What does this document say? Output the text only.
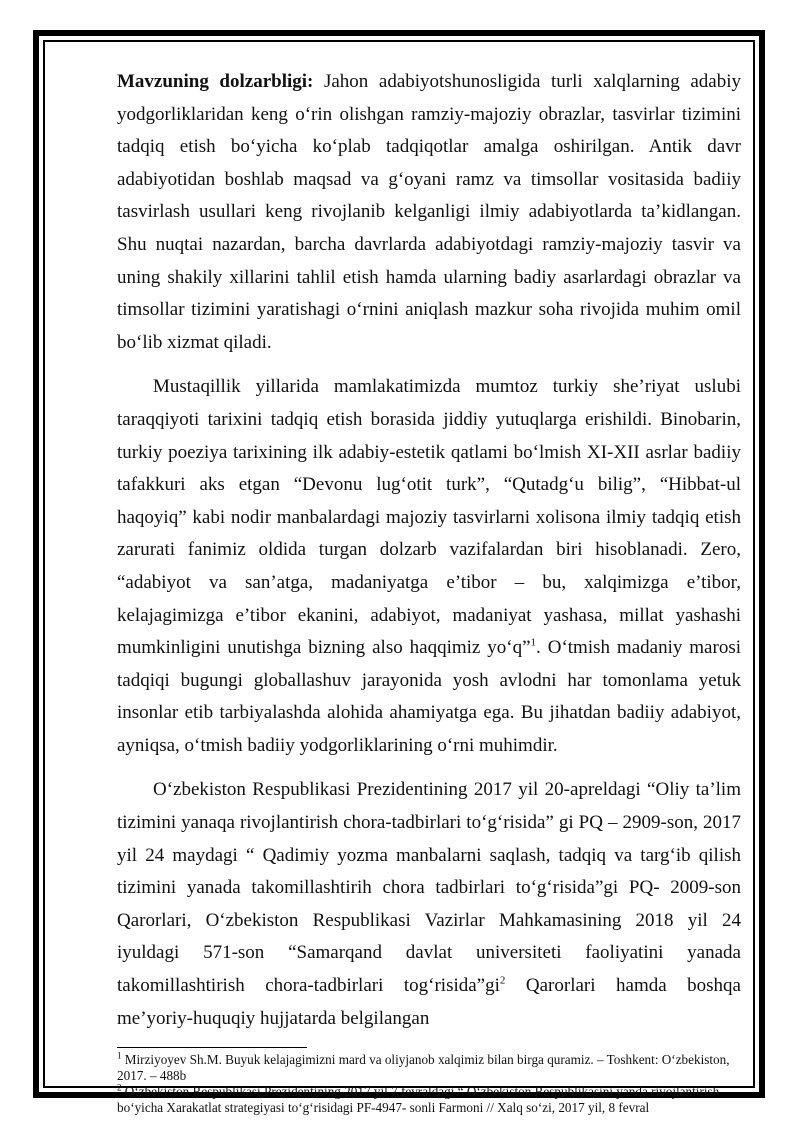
Mavzuning dolzarbligi: Jahon adabiyotshunosligida turli xalqlarning adabiy yodgorliklaridan keng o‘rin olishgan ramziy-majoziy obrazlar, tasvirlar tizimini tadqiq etish bo‘yicha ko‘plab tadqiqotlar amalga oshirilgan. Antik davr adabiyotidan boshlab maqsad va g‘oyani ramz va timsollar vositasida badiiy tasvirlash usullari keng rivojlanib kelganligi ilmiy adabiyotlarda ta’kidlangan. Shu nuqtai nazardan, barcha davrlarda adabiyotdagi ramziy-majoziy tasvir va uning shakily xillarini tahlil etish hamda ularning badiy asarlardagi obrazlar va timsollar tizimini yaratishagi o‘rnini aniqlash mazkur soha rivojida muhim omil bo‘lib xizmat qiladi.

Mustaqillik yillarida mamlakatimizda mumtoz turkiy she’riyat uslubi taraqqiyoti tarixini tadqiq etish borasida jiddiy yutuqlarga erishildi. Binobarin, turkiy poeziya tarixining ilk adabiy-estetik qatlami bo‘lmish XI-XII asrlar badiiy tafakkuri aks etgan “Devonu lug‘otit turk”, “Qutadg‘u bilig”, “Hibbat-ul haqoyiq” kabi nodir manbalardagi majoziy tasvirlarni xolisona ilmiy tadqiq etish zarurati fanimiz oldida turgan dolzarb vazifalardan biri hisoblanadi. Zero, “adabiyot va san’atga, madaniyatga e’tibor – bu, xalqimizga e’tibor, kelajagimizga e’tibor ekanini, adabiyot, madaniyat yashasa, millat yashashi mumkinligini unutishga bizning also haqqimiz yo‘q”$^1$. O‘tmish madaniy marosi tadqiqi bugungi globallashuv jarayonida yosh avlodni har tomonlama yetuk insonlar etib tarbiyalashda alohida ahamiyatga ega. Bu jihatdan badiiy adabiyot, ayniqsa, o‘tmish badiiy yodgorliklarining o‘rni muhimdir.

O‘zbekiston Respublikasi Prezidentining 2017 yil 20-apreldagi “Oliy ta’lim tizimini yanaqa rivojlantirish chora-tadbirlari to‘g‘risida” gi PQ – 2909-son, 2017 yil 24 maydagi “ Qadimiy yozma manbalarni saqlash, tadqiq va targ‘ib qilish tizimini yanada takomillashtirih chora tadbirlari to‘g‘risida”gi PQ- 2009-son Qarorlari, O‘zbekiston Respublikasi Vazirlar Mahkamasining 2018 yil 24 iyuldagi 571-son “Samarqand davlat universiteti faoliyatini yanada takomillashtirish chora-tadbirlari $tog‘risida”gi^2$ Qarorlari hamda boshqa me’yoriy-huquqiy hujjatarda belgilangan

$^1$ Mirziyoyev Sh.M. Buyuk kelajagimizni mard va oliyjanob xalqimiz bilan birga quramiz. – Toshkent: O‘zbekiston, 2017. – 488b

$^2$ O‘zbekiston Respublikasi Prezidentining 2017 yil 7 fevraldagi “ O‘zbekiston Respublikasini yanda rivojlantirish bo‘yicha Xarakatlat strategiyasi to‘g‘risidagi PF-4947- sonli Farmoni // Xalq so‘zi, 2017 yil, 8 fevral
